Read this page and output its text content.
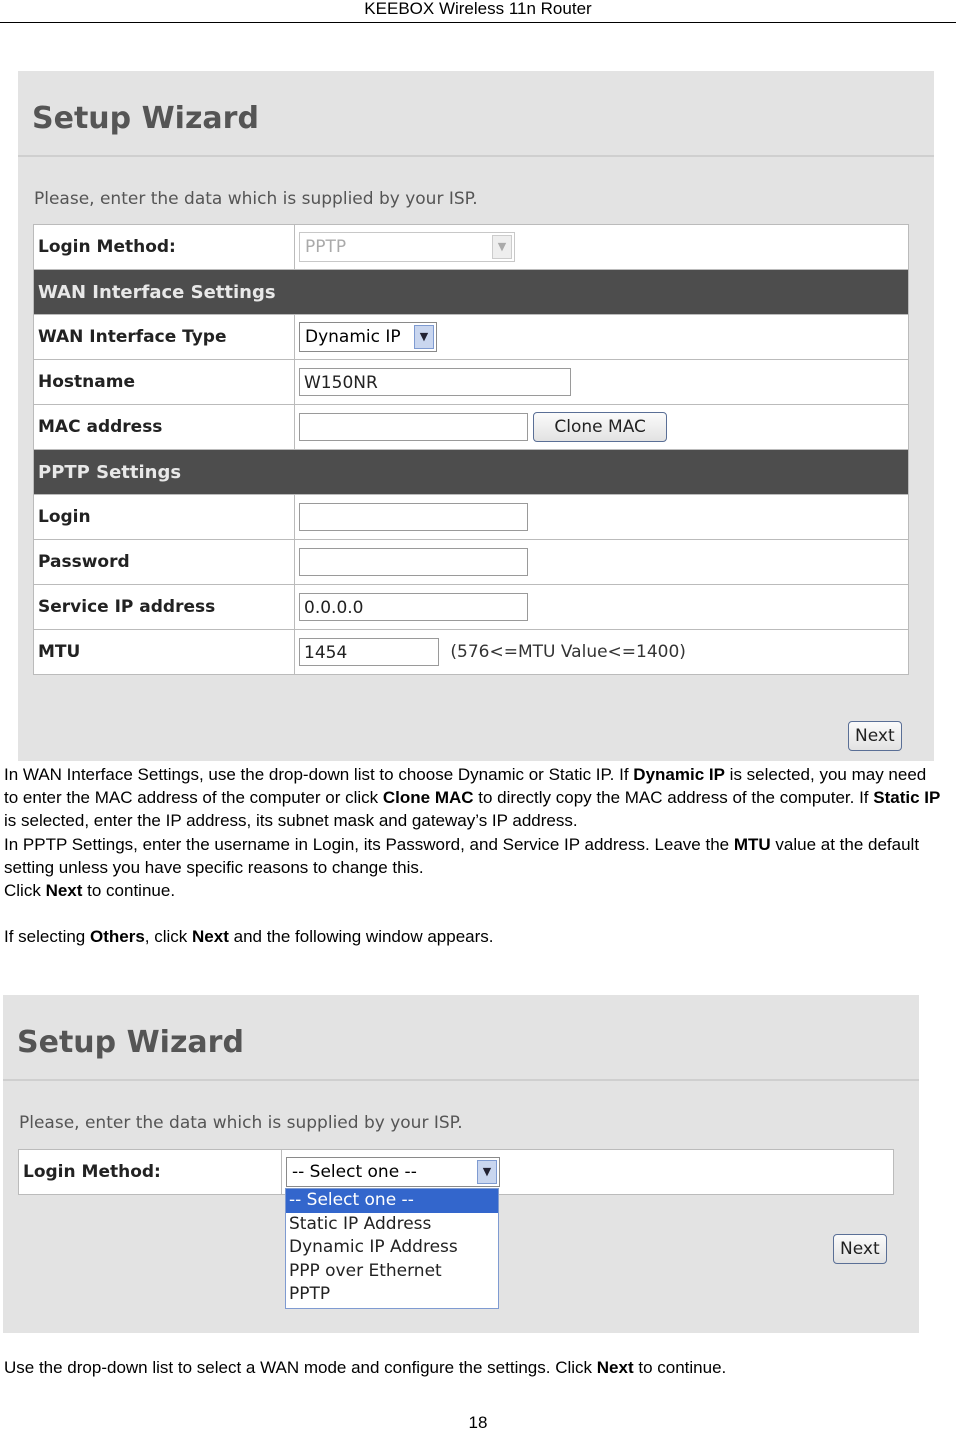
KEEBOX Wireless 11n Router
Setup Wizard
Please, enter the data which is supplied by your ISP.
Login Method:	PPTP ▼

WAN Interface Settings	
WAN Interface Type	Dynamic IP ▼

Hostname	W150NR
MAC address	Clone MAC
PPTP Settings	
Login	
Password	
Service IP address	0.0.0.0
MTU	1454 (576<=MTU Value<=1400)
Next
In WAN Interface Settings, use the drop-down list to choose Dynamic or Static IP. If Dynamic IP is selected, you may need to enter the MAC address of the computer or click Clone MAC to directly copy the MAC address of the computer. If Static IP is selected, enter the IP address, its subnet mask and gateway’s IP address.
In PPTP Settings, enter the username in Login, its Password, and Service IP address. Leave the MTU value at the default setting unless you have specific reasons to change this.
Click Next to continue.
If selecting Others, click Next and the following window appears.
Setup Wizard
Please, enter the data which is supplied by your ISP.
Login Method:	-- Select one --	▼
-- Select one --
Static IP Address
Dynamic IP Address
PPP over Ethernet
PPTP
Next
Use the drop-down list to select a WAN mode and configure the settings. Click Next to continue.
18
